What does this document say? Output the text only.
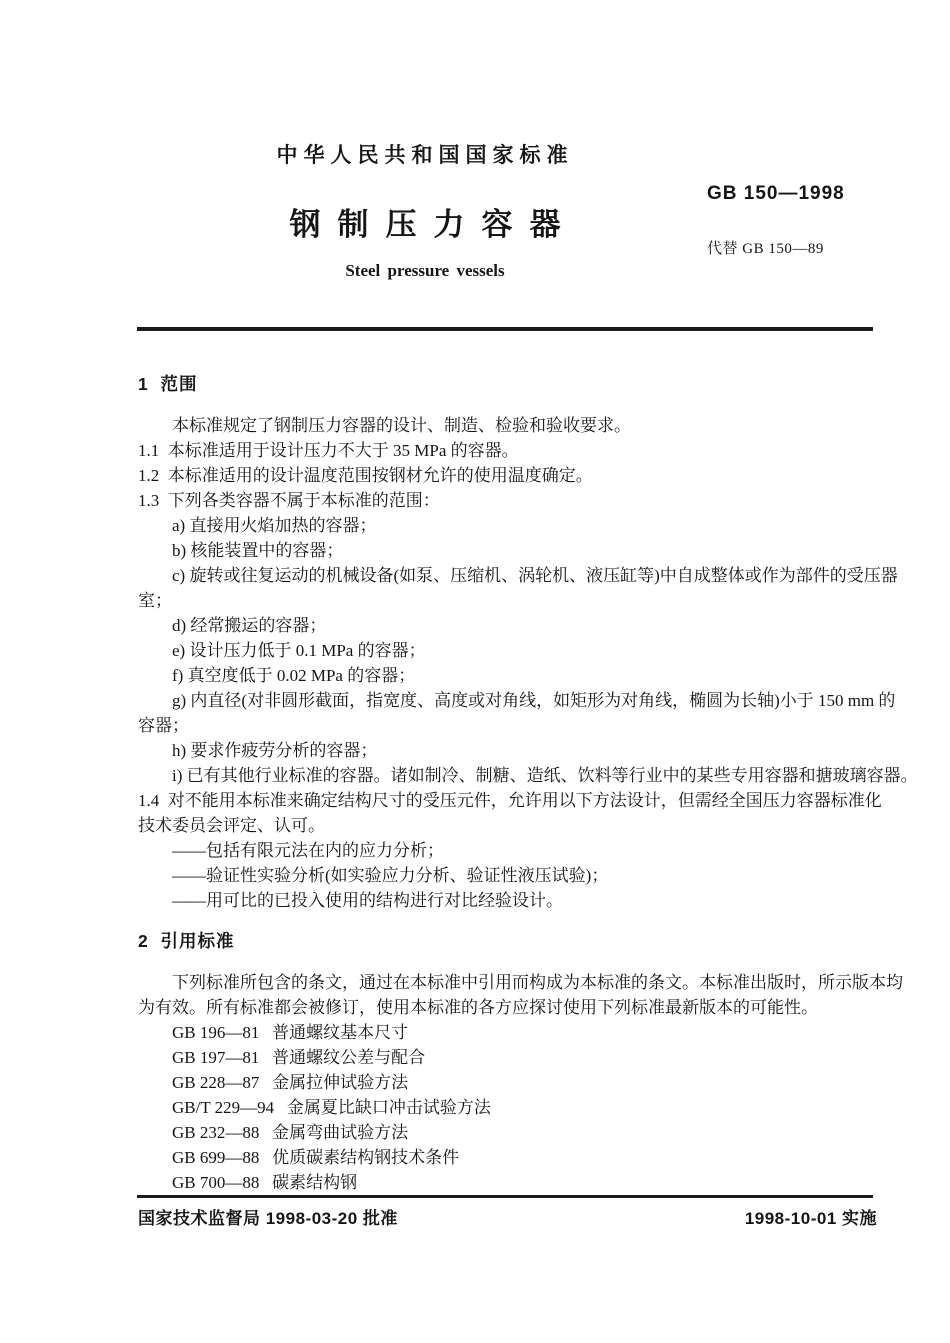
中华人民共和国国家标准
GB 150—1998
钢制压力容器
代替 GB 150—89
Steel pressure vessels
1  范围
本标准规定了钢制压力容器的设计、制造、检验和验收要求。
1.1  本标准适用于设计压力不大于 35 MPa 的容器。
1.2  本标准适用的设计温度范围按钢材允许的使用温度确定。
1.3  下列各类容器不属于本标准的范围：
a) 直接用火焰加热的容器；
b) 核能装置中的容器；
c) 旋转或往复运动的机械设备(如泵、压缩机、涡轮机、液压缸等)中自成整体或作为部件的受压器
室；
d) 经常搬运的容器；
e) 设计压力低于 0.1 MPa 的容器；
f) 真空度低于 0.02 MPa 的容器；
g) 内直径(对非圆形截面，指宽度、高度或对角线，如矩形为对角线，椭圆为长轴)小于 150 mm 的
容器；
h) 要求作疲劳分析的容器；
i) 已有其他行业标准的容器。诸如制冷、制糖、造纸、饮料等行业中的某些专用容器和搪玻璃容器。
1.4  对不能用本标准来确定结构尺寸的受压元件，允许用以下方法设计，但需经全国压力容器标准化
技术委员会评定、认可。
——包括有限元法在内的应力分析；
——验证性实验分析(如实验应力分析、验证性液压试验)；
——用可比的已投入使用的结构进行对比经验设计。
2  引用标准
下列标准所包含的条文，通过在本标准中引用而构成为本标准的条文。本标准出版时，所示版本均
为有效。所有标准都会被修订，使用本标准的各方应探讨使用下列标准最新版本的可能性。
GB 196—81   普通螺纹基本尺寸
GB 197—81   普通螺纹公差与配合
GB 228—87   金属拉伸试验方法
GB/T 229—94   金属夏比缺口冲击试验方法
GB 232—88   金属弯曲试验方法
GB 699—88   优质碳素结构钢技术条件
GB 700—88   碳素结构钢
国家技术监督局 1998-03-20 批准	1998-10-01 实施
